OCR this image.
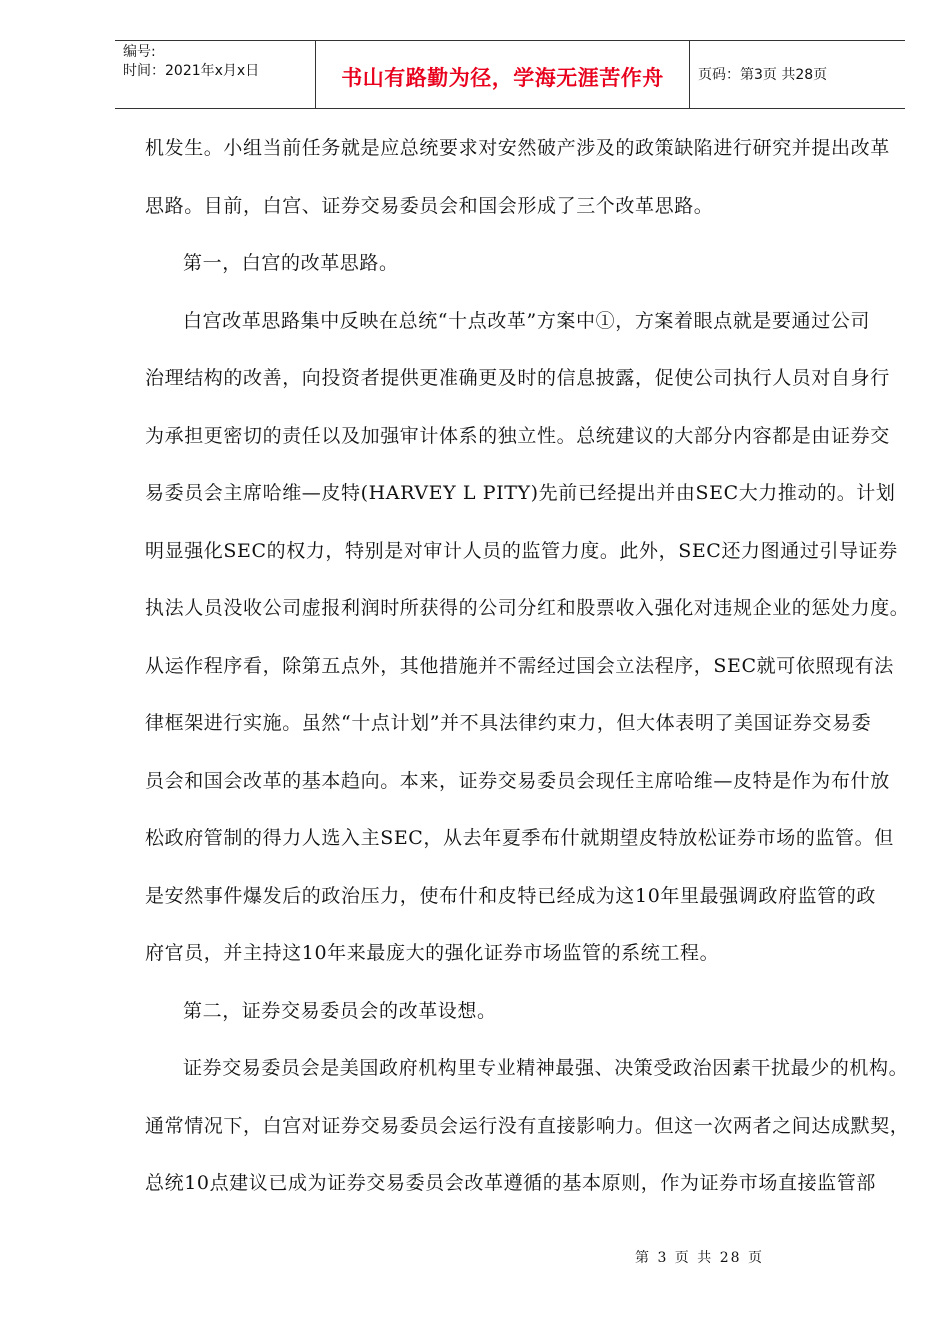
编号:
时间：2021年x月x日	书山有路勤为径，学海无涯苦作舟	页码：第3页 共28页
机发生。小组当前任务就是应总统要求对安然破产涉及的政策缺陷进行研究并提出改革
思路。目前，白宫、证券交易委员会和国会形成了三个改革思路。
第一，白宫的改革思路。
白宫改革思路集中反映在总统“十点改革”方案中①，方案着眼点就是要通过公司
治理结构的改善，向投资者提供更准确更及时的信息披露，促使公司执行人员对自身行
为承担更密切的责任以及加强审计体系的独立性。总统建议的大部分内容都是由证券交
易委员会主席哈维—皮特(HARVEY L PITY)先前已经提出并由SEC大力推动的。计划
明显强化SEC的权力，特别是对审计人员的监管力度。此外，SEC还力图通过引导证券
执法人员没收公司虚报利润时所获得的公司分红和股票收入强化对违规企业的惩处力度。
从运作程序看，除第五点外，其他措施并不需经过国会立法程序，SEC就可依照现有法
律框架进行实施。虽然“十点计划”并不具法律约束力，但大体表明了美国证券交易委
员会和国会改革的基本趋向。本来，证券交易委员会现任主席哈维—皮特是作为布什放
松政府管制的得力人选入主SEC，从去年夏季布什就期望皮特放松证券市场的监管。但
是安然事件爆发后的政治压力，使布什和皮特已经成为这10年里最强调政府监管的政
府官员，并主持这10年来最庞大的强化证券市场监管的系统工程。
第二，证券交易委员会的改革设想。
证券交易委员会是美国政府机构里专业精神最强、决策受政治因素干扰最少的机构。
通常情况下，白宫对证券交易委员会运行没有直接影响力。但这一次两者之间达成默契，
总统10点建议已成为证券交易委员会改革遵循的基本原则，作为证券市场直接监管部
第 3 页 共 28 页
